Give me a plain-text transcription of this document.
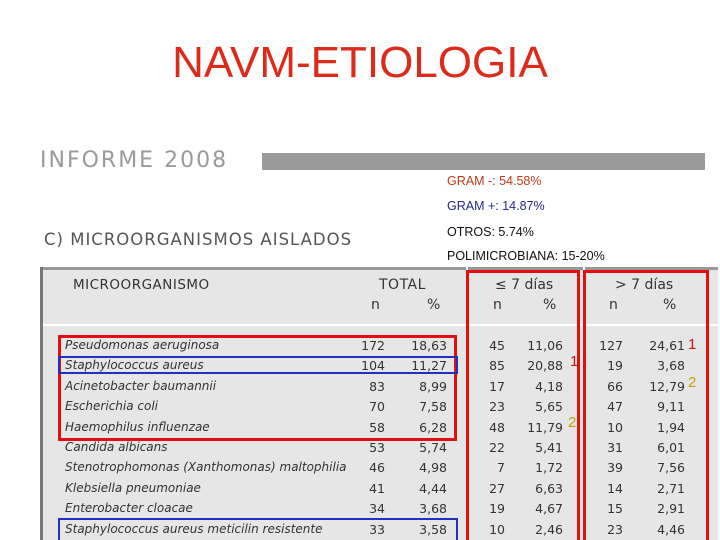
NAVM-ETIOLOGIA
INFORME 2008
C) MICROORGANISMOS AISLADOS
GRAM -: 54.58%
GRAM +: 14.87%
OTROS: 5.74%
POLIMICROBIANA: 15-20%
MICROORGANISMO	TOTAL	≤ 7 días	> 7 días
n	%	n	%	n	%
Pseudomonas aeruginosa	172	18,63	45	11,06	127	24,61
Staphylococcus aureus	104	11,27	85	20,88	19	3,68
Acinetobacter baumannii	83	8,99	17	4,18	66	12,79
Escherichia coli	70	7,58	23	5,65	47	9,11
Haemophilus influenzae	58	6,28	48	11,79	10	1,94
Candida albicans	53	5,74	22	5,41	31	6,01
Stenotrophomonas (Xanthomonas) maltophilia	46	4,98	7	1,72	39	7,56
Klebsiella pneumoniae	41	4,44	27	6,63	14	2,71
Enterobacter cloacae	34	3,68	19	4,67	15	2,91
Staphylococcus aureus meticilin resistente	33	3,58	10	2,46	23	4,46
1
2
1
2
